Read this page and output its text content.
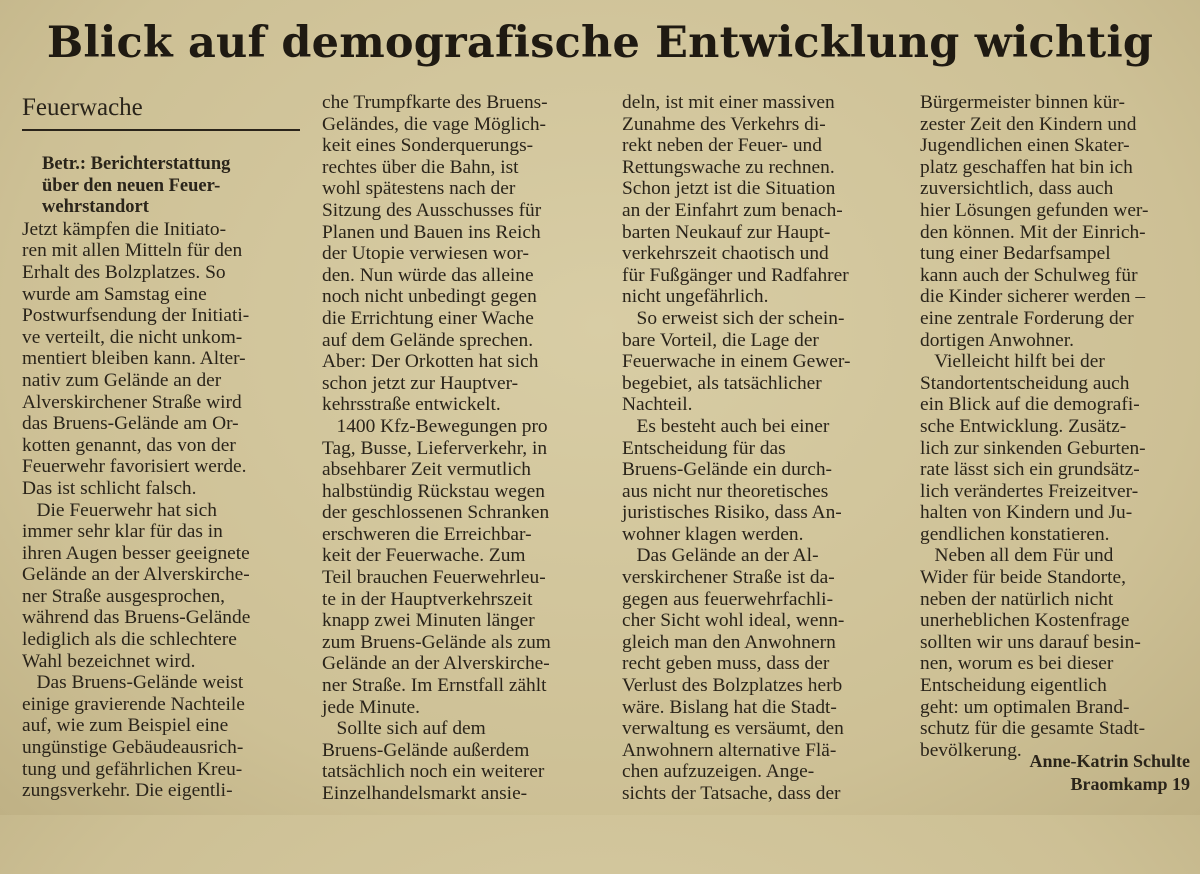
Blick auf demografische Entwicklung wichtig
Feuerwache

Betr.: Berichterstattung

über den neuen Feuer-

wehrstandort

Jetzt kämpfen die Initiato-

ren mit allen Mitteln für den

Erhalt des Bolzplatzes. So

wurde am Samstag eine

Postwurfsendung der Initiati-

ve verteilt, die nicht unkom-

mentiert bleiben kann. Alter-

nativ zum Gelände an der

Alverskirchener Straße wird

das Bruens-Gelände am Or-

kotten genannt, das von der

Feuerwehr favorisiert werde.

Das ist schlicht falsch.

Die Feuerwehr hat sich

immer sehr klar für das in

ihren Augen besser geeignete

Gelände an der Alverskirche-

ner Straße ausgesprochen,

während das Bruens-Gelände

lediglich als die schlechtere

Wahl bezeichnet wird.

Das Bruens-Gelände weist

einige gravierende Nachteile

auf, wie zum Beispiel eine

ungünstige Gebäudeausrich-

tung und gefährlichen Kreu-

zungsverkehr. Die eigentli-

che Trumpfkarte des Bruens-

Geländes, die vage Möglich-

keit eines Sonderquerungs-

rechtes über die Bahn, ist

wohl spätestens nach der

Sitzung des Ausschusses für

Planen und Bauen ins Reich

der Utopie verwiesen wor-

den. Nun würde das alleine

noch nicht unbedingt gegen

die Errichtung einer Wache

auf dem Gelände sprechen.

Aber: Der Orkotten hat sich

schon jetzt zur Hauptver-

kehrsstraße entwickelt.

1400 Kfz-Bewegungen pro

Tag, Busse, Lieferverkehr, in

absehbarer Zeit vermutlich

halbstündig Rückstau wegen

der geschlossenen Schranken

erschweren die Erreichbar-

keit der Feuerwache. Zum

Teil brauchen Feuerwehrleu-

te in der Hauptverkehrszeit

knapp zwei Minuten länger

zum Bruens-Gelände als zum

Gelände an der Alverskirche-

ner Straße. Im Ernstfall zählt

jede Minute.

Sollte sich auf dem

Bruens-Gelände außerdem

tatsächlich noch ein weiterer

Einzelhandelsmarkt ansie-

deln, ist mit einer massiven

Zunahme des Verkehrs di-

rekt neben der Feuer- und

Rettungswache zu rechnen.

Schon jetzt ist die Situation

an der Einfahrt zum benach-

barten Neukauf zur Haupt-

verkehrszeit chaotisch und

für Fußgänger und Radfahrer

nicht ungefährlich.

So erweist sich der schein-

bare Vorteil, die Lage der

Feuerwache in einem Gewer-

begebiet, als tatsächlicher

Nachteil.

Es besteht auch bei einer

Entscheidung für das

Bruens-Gelände ein durch-

aus nicht nur theoretisches

juristisches Risiko, dass An-

wohner klagen werden.

Das Gelände an der Al-

verskirchener Straße ist da-

gegen aus feuerwehrfachli-

cher Sicht wohl ideal, wenn-

gleich man den Anwohnern

recht geben muss, dass der

Verlust des Bolzplatzes herb

wäre. Bislang hat die Stadt-

verwaltung es versäumt, den

Anwohnern alternative Flä-

chen aufzuzeigen. Ange-

sichts der Tatsache, dass der

Bürgermeister binnen kür-

zester Zeit den Kindern und

Jugendlichen einen Skater-

platz geschaffen hat bin ich

zuversichtlich, dass auch

hier Lösungen gefunden wer-

den können. Mit der Einrich-

tung einer Bedarfsampel

kann auch der Schulweg für

die Kinder sicherer werden –

eine zentrale Forderung der

dortigen Anwohner.

Vielleicht hilft bei der

Standortentscheidung auch

ein Blick auf die demografi-

sche Entwicklung. Zusätz-

lich zur sinkenden Geburten-

rate lässt sich ein grundsätz-

lich verändertes Freizeitver-

halten von Kindern und Ju-

gendlichen konstatieren.

Neben all dem Für und

Wider für beide Standorte,

neben der natürlich nicht

unerheblichen Kostenfrage

sollten wir uns darauf besin-

nen, worum es bei dieser

Entscheidung eigentlich

geht: um optimalen Brand-

schutz für die gesamte Stadt-

bevölkerung.

Anne-Katrin Schulte
Braomkamp 19
